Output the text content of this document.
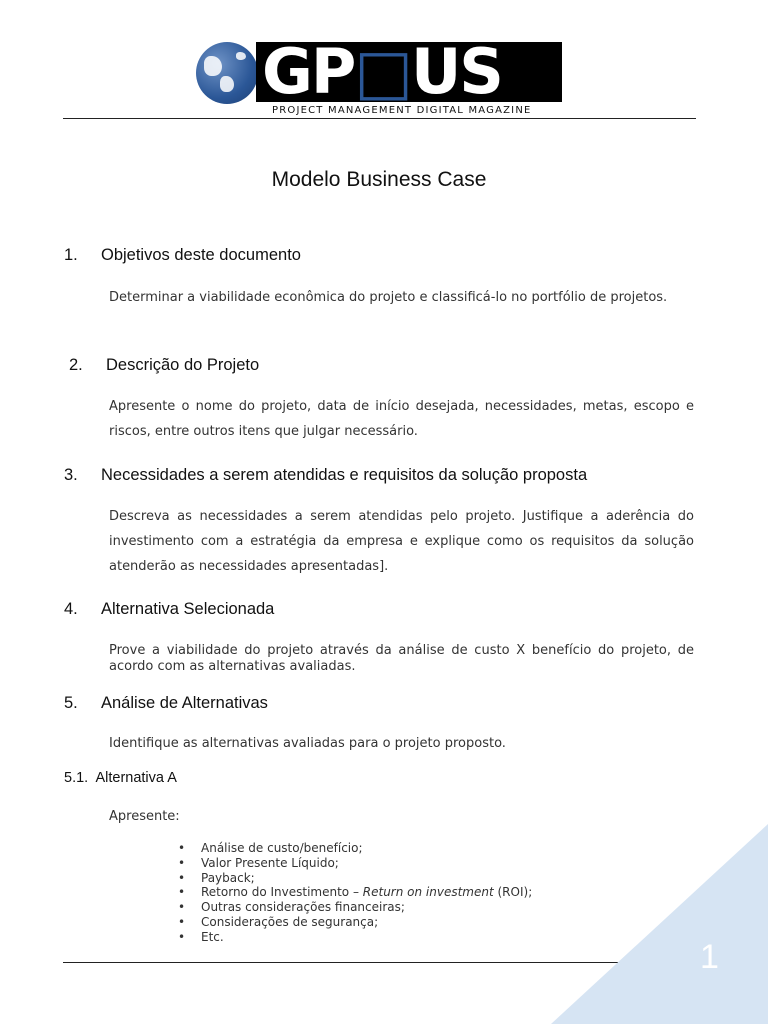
GP□US
PROJECT MANAGEMENT DIGITAL MAGAZINE
Modelo Business Case
1. Objetivos deste documento
Determinar a viabilidade econômica do projeto e classificá-lo no portfólio de projetos.
2. Descrição do Projeto
Apresente o nome do projeto, data de início desejada, necessidades, metas, escopo e riscos, entre outros itens que julgar necessário.
3. Necessidades a serem atendidas e requisitos da solução proposta
Descreva as necessidades a serem atendidas pelo projeto. Justifique a aderência do investimento com a estratégia da empresa e explique como os requisitos da solução atenderão as necessidades apresentadas].
4. Alternativa Selecionada
Prove a viabilidade do projeto através da análise de custo X benefício do projeto, de acordo com as alternativas avaliadas.
5. Análise de Alternativas
Identifique as alternativas avaliadas para o projeto proposto.
5.1. Alternativa A
Apresente:
• Análise de custo/benefício;
• Valor Presente Líquido;
• Payback;
• Retorno do Investimento – Return on investment (ROI);
• Outras considerações financeiras;
• Considerações de segurança;
• Etc.
1
